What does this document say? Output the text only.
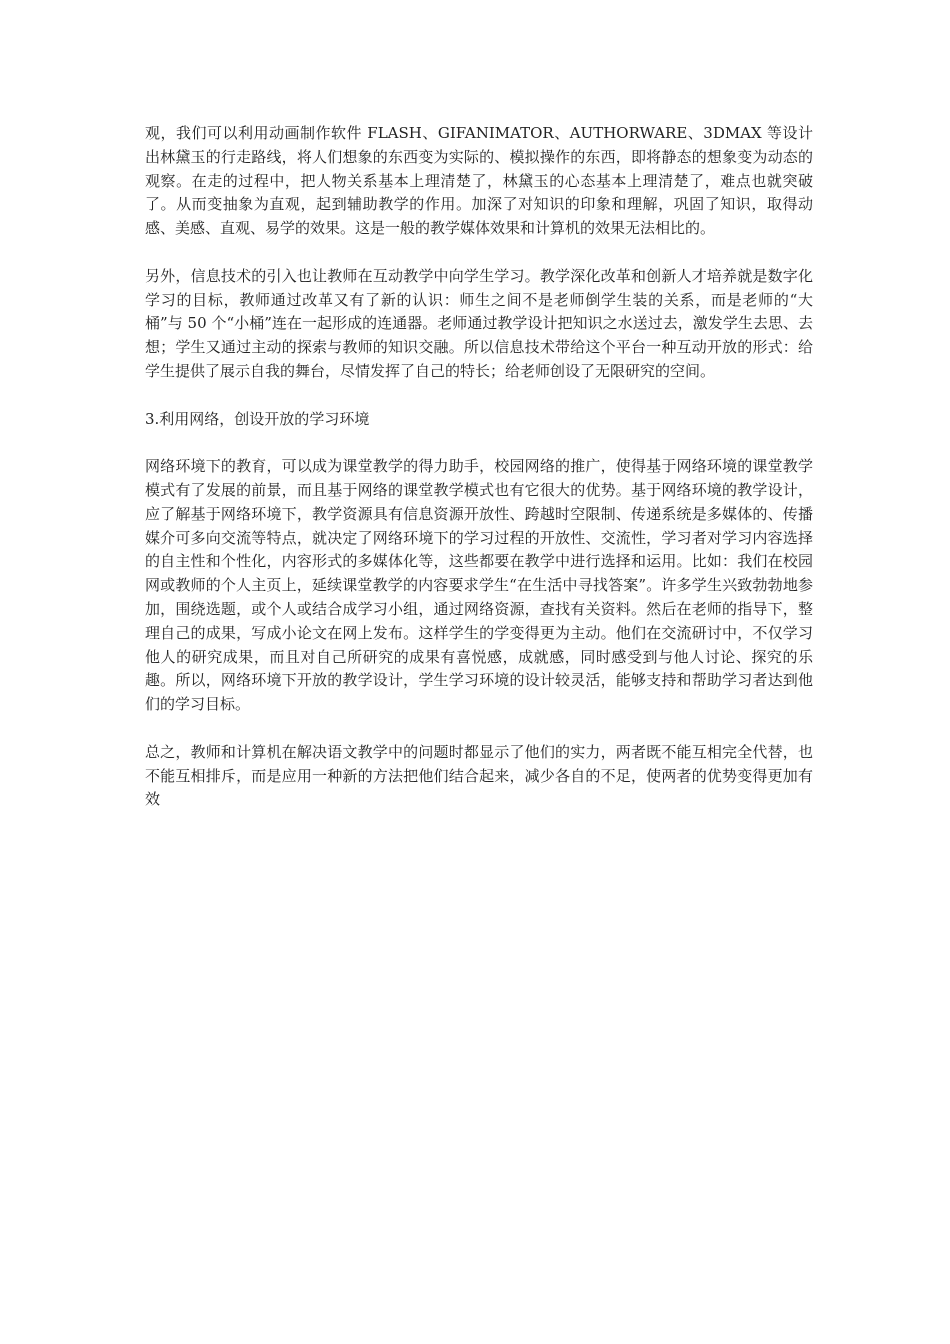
观，我们可以利用动画制作软件 FLASH、GIFANIMATOR、AUTHORWARE、3DMAX 等设计出林黛玉的行走路线，将人们想象的东西变为实际的、模拟操作的东西，即将静态的想象变为动态的观察。在走的过程中，把人物关系基本上理清楚了，林黛玉的心态基本上理清楚了，难点也就突破了。从而变抽象为直观，起到辅助教学的作用。加深了对知识的印象和理解，巩固了知识，取得动感、美感、直观、易学的效果。这是一般的教学媒体效果和计算机的效果无法相比的。

另外，信息技术的引入也让教师在互动教学中向学生学习。教学深化改革和创新人才培养就是数字化学习的目标，教师通过改革又有了新的认识：师生之间不是老师倒学生装的关系，而是老师的“大桶”与 50 个“小桶”连在一起形成的连通器。老师通过教学设计把知识之水送过去，激发学生去思、去想；学生又通过主动的探索与教师的知识交融。所以信息技术带给这个平台一种互动开放的形式：给学生提供了展示自我的舞台，尽情发挥了自己的特长；给老师创设了无限研究的空间。

3.利用网络，创设开放的学习环境

网络环境下的教育，可以成为课堂教学的得力助手，校园网络的推广，使得基于网络环境的课堂教学模式有了发展的前景，而且基于网络的课堂教学模式也有它很大的优势。基于网络环境的教学设计，应了解基于网络环境下，教学资源具有信息资源开放性、跨越时空限制、传递系统是多媒体的、传播媒介可多向交流等特点，就决定了网络环境下的学习过程的开放性、交流性，学习者对学习内容选择的自主性和个性化，内容形式的多媒体化等，这些都要在教学中进行选择和运用。比如：我们在校园网或教师的个人主页上，延续课堂教学的内容要求学生“在生活中寻找答案”。许多学生兴致勃勃地参加，围绕选题，或个人或结合成学习小组，通过网络资源，查找有关资料。然后在老师的指导下，整理自己的成果，写成小论文在网上发布。这样学生的学变得更为主动。他们在交流研讨中，不仅学习他人的研究成果，而且对自己所研究的成果有喜悦感，成就感，同时感受到与他人讨论、探究的乐趣。所以，网络环境下开放的教学设计，学生学习环境的设计较灵活，能够支持和帮助学习者达到他们的学习目标。

总之，教师和计算机在解决语文教学中的问题时都显示了他们的实力，两者既不能互相完全代替，也不能互相排斥，而是应用一种新的方法把他们结合起来，减少各自的不足，使两者的优势变得更加有效
